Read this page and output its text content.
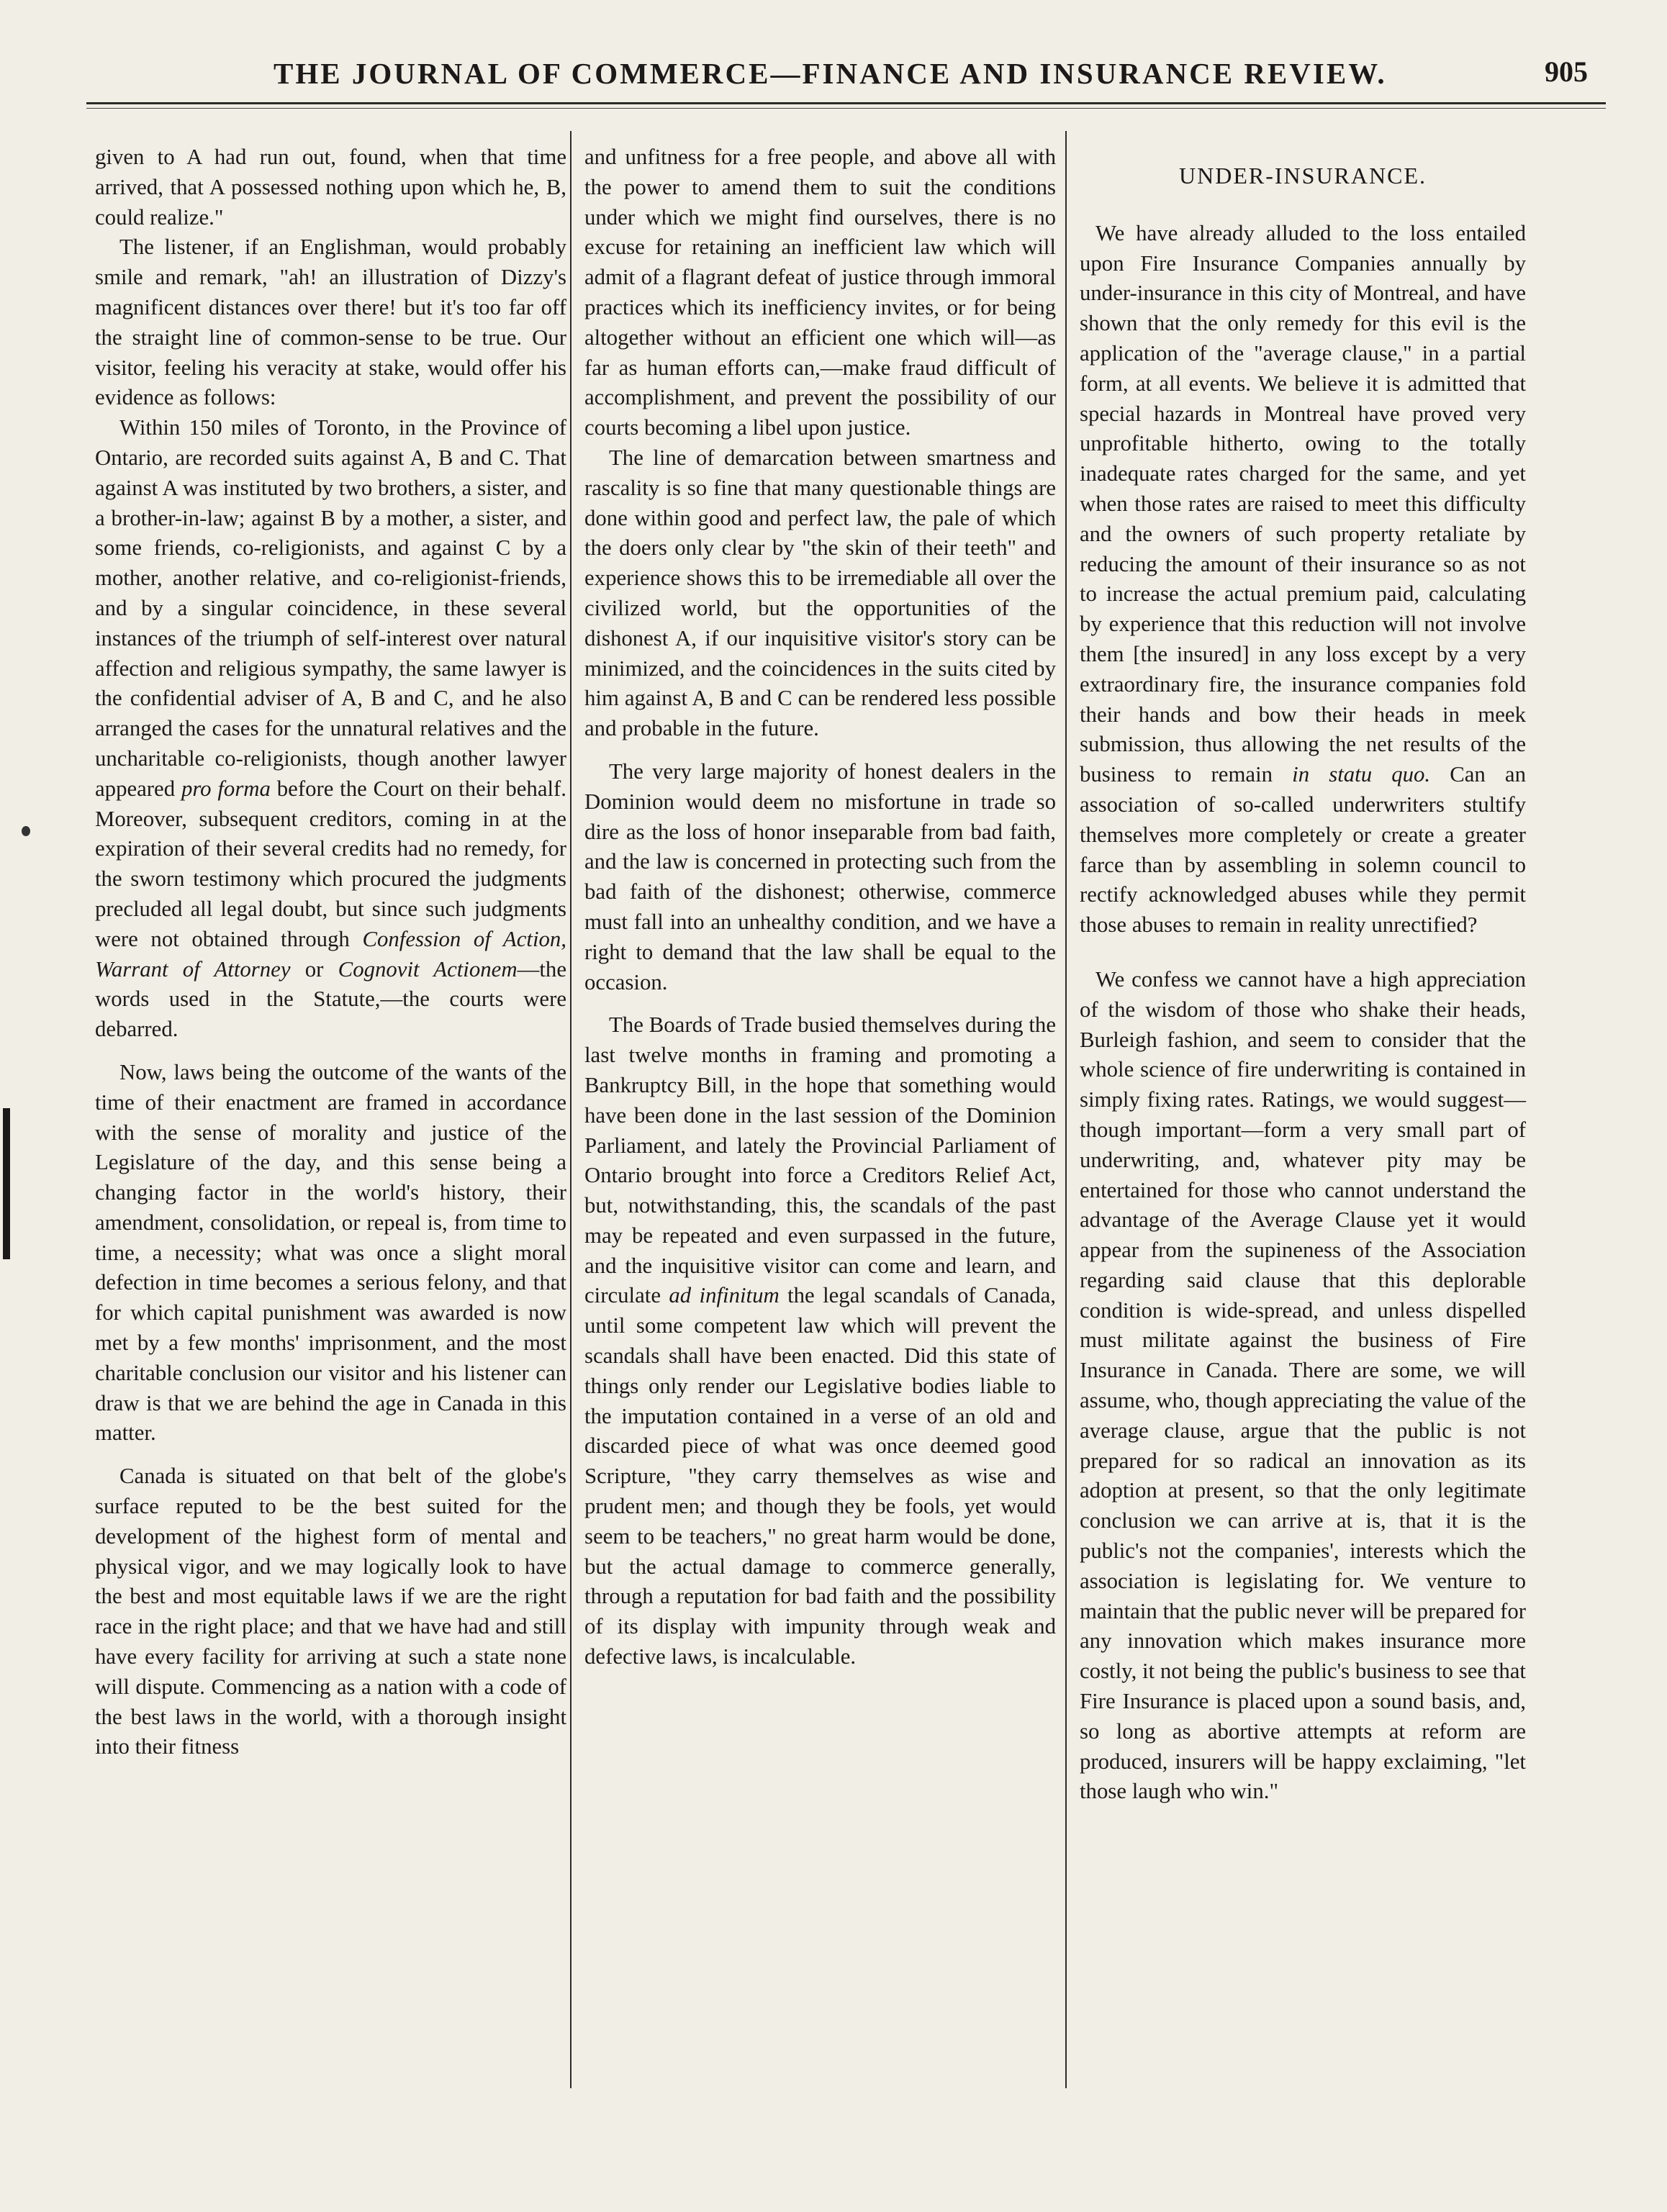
THE JOURNAL OF COMMERCE—FINANCE AND INSURANCE REVIEW.	905

given to A had run out, found, when that time arrived, that A possessed nothing upon which he, B, could realize."

The listener, if an Englishman, would probably smile and remark, "ah! an illustration of Dizzy's magnificent distances over there! but it's too far off the straight line of common-sense to be true. Our visitor, feeling his veracity at stake, would offer his evidence as follows:

Within 150 miles of Toronto, in the Province of Ontario, are recorded suits against A, B and C. That against A was instituted by two brothers, a sister, and a brother-in-law; against B by a mother, a sister, and some friends, co-religionists, and against C by a mother, another relative, and co-religionist-friends, and by a singular coincidence, in these several instances of the triumph of self-interest over natural affection and religious sympathy, the same lawyer is the confidential adviser of A, B and C, and he also arranged the cases for the unnatural relatives and the uncharitable co-religionists, though another lawyer appeared pro forma before the Court on their behalf. Moreover, subsequent creditors, coming in at the expiration of their several credits had no remedy, for the sworn testimony which procured the judgments precluded all legal doubt, but since such judgments were not obtained through Confession of Action, Warrant of Attorney or Cognovit Actionem—the words used in the Statute,—the courts were debarred.

Now, laws being the outcome of the wants of the time of their enactment are framed in accordance with the sense of morality and justice of the Legislature of the day, and this sense being a changing factor in the world's history, their amendment, consolidation, or repeal is, from time to time, a necessity; what was once a slight moral defection in time becomes a serious felony, and that for which capital punishment was awarded is now met by a few months' imprisonment, and the most charitable conclusion our visitor and his listener can draw is that we are behind the age in Canada in this matter.

Canada is situated on that belt of the globe's surface reputed to be the best suited for the development of the highest form of mental and physical vigor, and we may logically look to have the best and most equitable laws if we are the right race in the right place; and that we have had and still have every facility for arriving at such a state none will dispute. Commencing as a nation with a code of the best laws in the world, with a thorough insight into their fitness

and unfitness for a free people, and above all with the power to amend them to suit the conditions under which we might find ourselves, there is no excuse for retaining an inefficient law which will admit of a flagrant defeat of justice through immoral practices which its inefficiency invites, or for being altogether without an efficient one which will—as far as human efforts can,—make fraud difficult of accomplishment, and prevent the possibility of our courts becoming a libel upon justice.

The line of demarcation between smartness and rascality is so fine that many questionable things are done within good and perfect law, the pale of which the doers only clear by "the skin of their teeth" and experience shows this to be irremediable all over the civilized world, but the opportunities of the dishonest A, if our inquisitive visitor's story can be minimized, and the coincidences in the suits cited by him against A, B and C can be rendered less possible and probable in the future.

The very large majority of honest dealers in the Dominion would deem no misfortune in trade so dire as the loss of honor inseparable from bad faith, and the law is concerned in protecting such from the bad faith of the dishonest; otherwise, commerce must fall into an unhealthy condition, and we have a right to demand that the law shall be equal to the occasion.

The Boards of Trade busied themselves during the last twelve months in framing and promoting a Bankruptcy Bill, in the hope that something would have been done in the last session of the Dominion Parliament, and lately the Provincial Parliament of Ontario brought into force a Creditors Relief Act, but, notwithstanding, this, the scandals of the past may be repeated and even surpassed in the future, and the inquisitive visitor can come and learn, and circulate ad infinitum the legal scandals of Canada, until some competent law which will prevent the scandals shall have been enacted. Did this state of things only render our Legislative bodies liable to the imputation contained in a verse of an old and discarded piece of what was once deemed good Scripture, "they carry themselves as wise and prudent men; and though they be fools, yet would seem to be teachers," no great harm would be done, but the actual damage to commerce generally, through a reputation for bad faith and the possibility of its display with impunity through weak and defective laws, is incalculable.

UNDER-INSURANCE.

We have already alluded to the loss entailed upon Fire Insurance Companies annually by under-insurance in this city of Montreal, and have shown that the only remedy for this evil is the application of the "average clause," in a partial form, at all events. We believe it is admitted that special hazards in Montreal have proved very unprofitable hitherto, owing to the totally inadequate rates charged for the same, and yet when those rates are raised to meet this difficulty and the owners of such property retaliate by reducing the amount of their insurance so as not to increase the actual premium paid, calculating by experience that this reduction will not involve them [the insured] in any loss except by a very extraordinary fire, the insurance companies fold their hands and bow their heads in meek submission, thus allowing the net results of the business to remain in statu quo. Can an association of so-called underwriters stultify themselves more completely or create a greater farce than by assembling in solemn council to rectify acknowledged abuses while they permit those abuses to remain in reality unrectified?

We confess we cannot have a high appreciation of the wisdom of those who shake their heads, Burleigh fashion, and seem to consider that the whole science of fire underwriting is contained in simply fixing rates. Ratings, we would suggest—though important—form a very small part of underwriting, and, whatever pity may be entertained for those who cannot understand the advantage of the Average Clause yet it would appear from the supineness of the Association regarding said clause that this deplorable condition is wide-spread, and unless dispelled must militate against the business of Fire Insurance in Canada. There are some, we will assume, who, though appreciating the value of the average clause, argue that the public is not prepared for so radical an innovation as its adoption at present, so that the only legitimate conclusion we can arrive at is, that it is the public's not the companies', interests which the association is legislating for. We venture to maintain that the public never will be prepared for any innovation which makes insurance more costly, it not being the public's business to see that Fire Insurance is placed upon a sound basis, and, so long as abortive attempts at reform are produced, insurers will be happy exclaiming, "let those laugh who win."
